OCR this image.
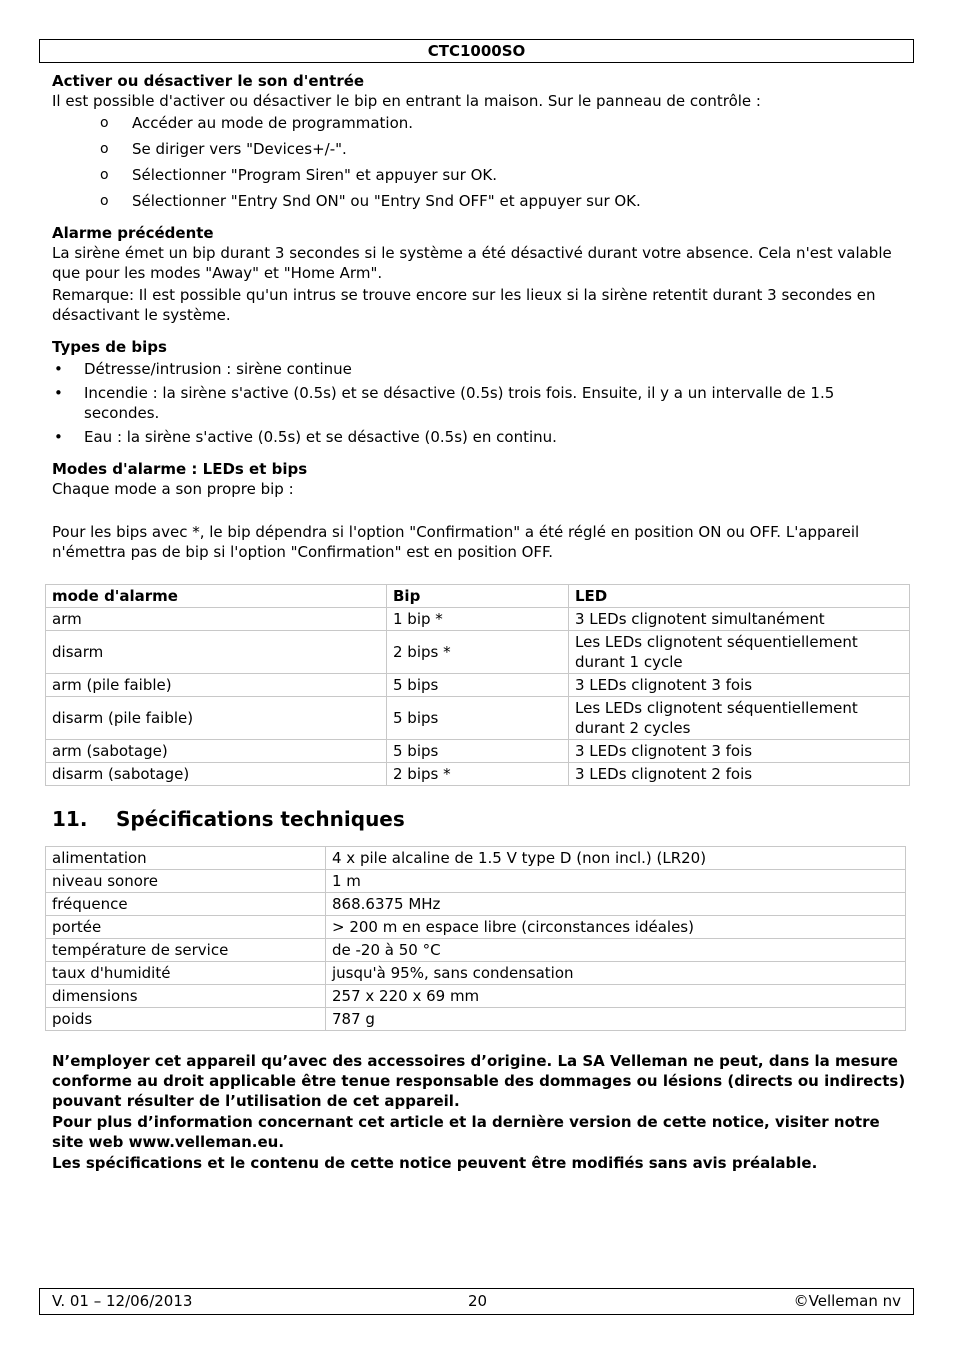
CTC1000SO
Activer ou désactiver le son d'entrée

Il est possible d'activer ou désactiver le bip en entrant la maison. Sur le panneau de contrôle :

o Accéder au mode de programmation.
o Se diriger vers "Devices+/-".
o Sélectionner "Program Siren" et appuyer sur OK.
o Sélectionner "Entry Snd ON" ou "Entry Snd OFF" et appuyer sur OK.
Alarme précédente

La sirène émet un bip durant 3 secondes si le système a été désactivé durant votre absence. Cela n'est valable que pour les modes "Away" et "Home Arm".

Remarque: Il est possible qu'un intrus se trouve encore sur les lieux si la sirène retentit durant 3 secondes en désactivant le système.

Types de bips
• Détresse/intrusion : sirène continue
• Incendie : la sirène s'active (0.5s) et se désactive (0.5s) trois fois. Ensuite, il y a un intervalle de 1.5 secondes.
• Eau : la sirène s'active (0.5s) et se désactive (0.5s) en continu.
Modes d'alarme : LEDs et bips

Chaque mode a son propre bip :

Pour les bips avec *, le bip dépendra si l'option "Confirmation" a été réglé en position ON ou OFF. L'appareil n'émettra pas de bip si l'option "Confirmation" est en position OFF.

mode d'alarme	Bip	LED
arm	1 bip *	3 LEDs clignotent simultanément
disarm	2 bips *	Les LEDs clignotent séquentiellement durant 1 cycle
arm (pile faible)	5 bips	3 LEDs clignotent 3 fois
disarm (pile faible)	5 bips	Les LEDs clignotent séquentiellement durant 2 cycles
arm (sabotage)	5 bips	3 LEDs clignotent 3 fois
disarm (sabotage)	2 bips *	3 LEDs clignotent 2 fois
11. Spécifications techniques
alimentation	4 x pile alcaline de 1.5 V type D (non incl.) (LR20)
niveau sonore	1 m
fréquence	868.6375 MHz
portée	> 200 m en espace libre (circonstances idéales)
température de service	de -20 à 50 °C
taux d'humidité	jusqu'à 95%, sans condensation
dimensions	257 x 220 x 69 mm
poids	787 g

N’employer cet appareil qu’avec des accessoires d’origine. La SA Velleman ne peut, dans la mesure conforme au droit applicable être tenue responsable des dommages ou lésions (directs ou indirects) pouvant résulter de l’utilisation de cet appareil.

Pour plus d’information concernant cet article et la dernière version de cette notice, visiter notre site web www.velleman.eu.

Les spécifications et le contenu de cette notice peuvent être modifiés sans avis préalable.

V. 01 – 12/06/2013	20	©Velleman nv
